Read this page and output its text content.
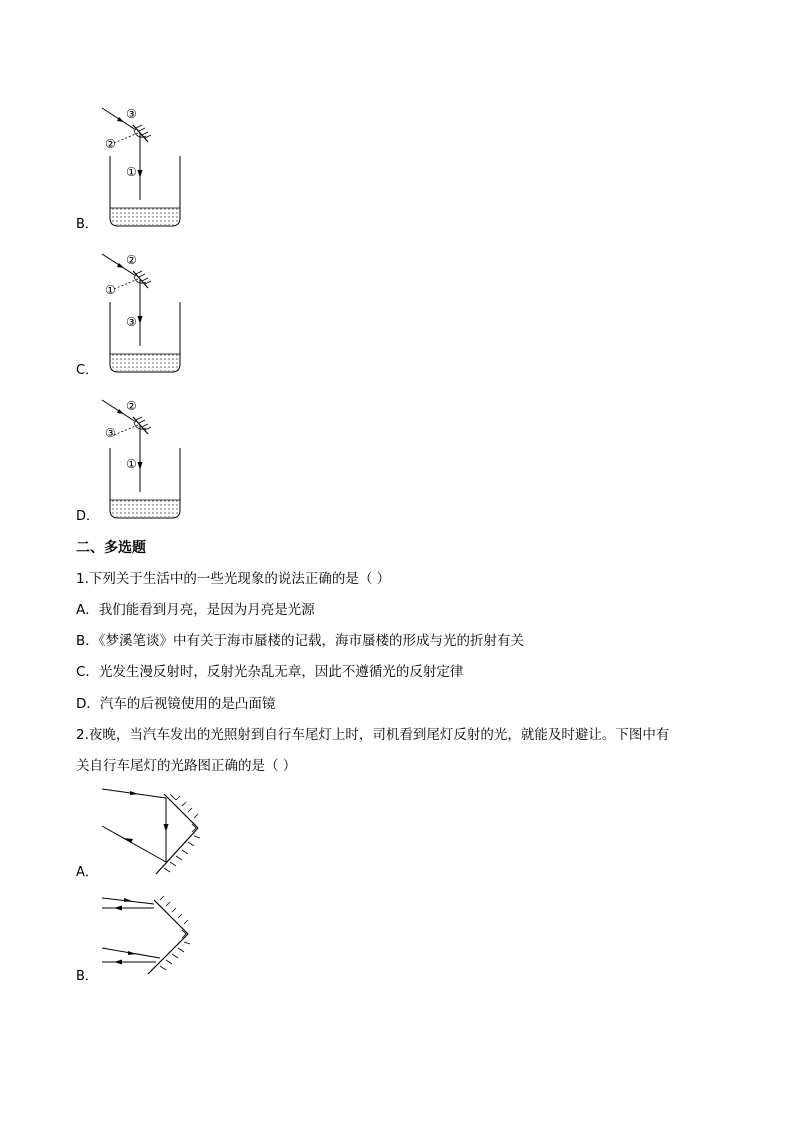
③
②
①
B．
②
①
③
C．
②
③
①
D．
二、多选题
1.下列关于生活中的一些光现象的说法正确的是（ ）
A．我们能看到月亮，是因为月亮是光源
B．《梦溪笔谈》中有关于海市蜃楼的记载，海市蜃楼的形成与光的折射有关
C．光发生漫反射时，反射光杂乱无章，因此不遵循光的反射定律
D．汽车的后视镜使用的是凸面镜
2.夜晚，当汽车发出的光照射到自行车尾灯上时，司机看到尾灯反射的光，就能及时避让。下图中有
关自行车尾灯的光路图正确的是（ ）
A．
B．
